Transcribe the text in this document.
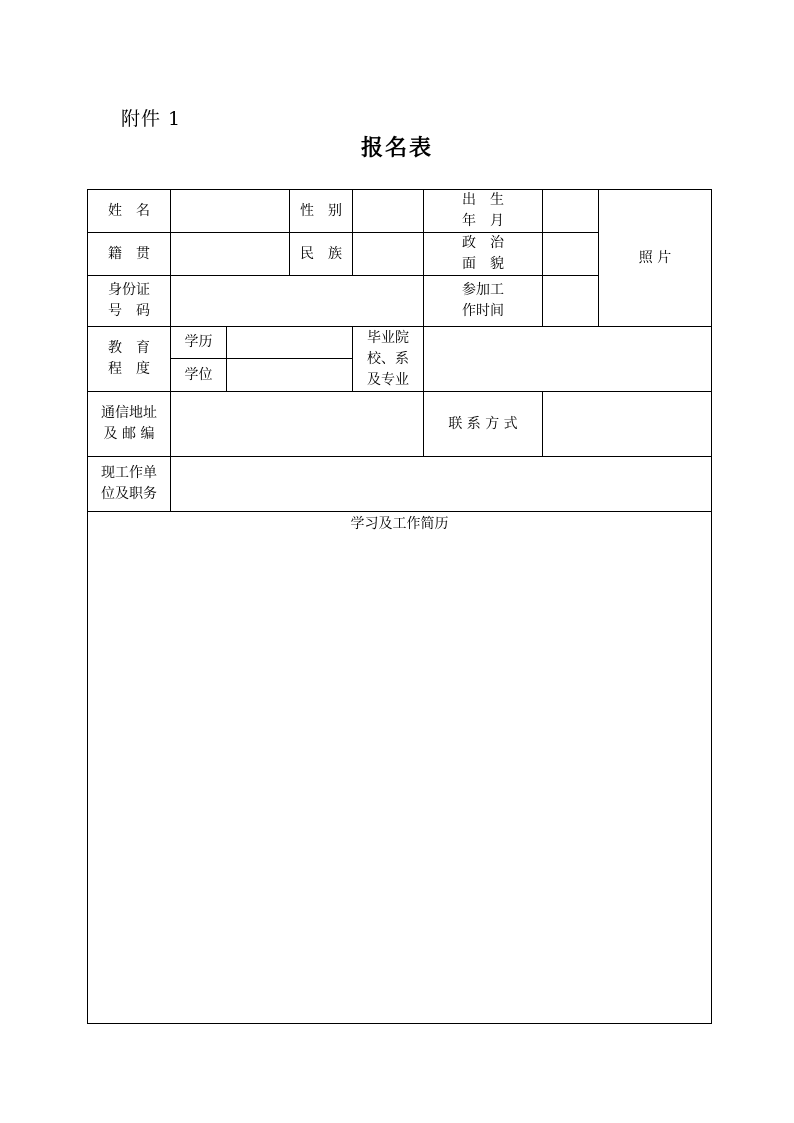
附件 1
报名表
姓　名	性　别
出　生
年　月
照 片
籍　贯	民　族
政　治
面　貌
身份证
号　码
参加工
作时间
教　育
程　度
学历
学位
毕业院
校、系
及专业
通信地址
及 邮 编
联 系 方 式
现工作单
位及职务
学习及工作简历
